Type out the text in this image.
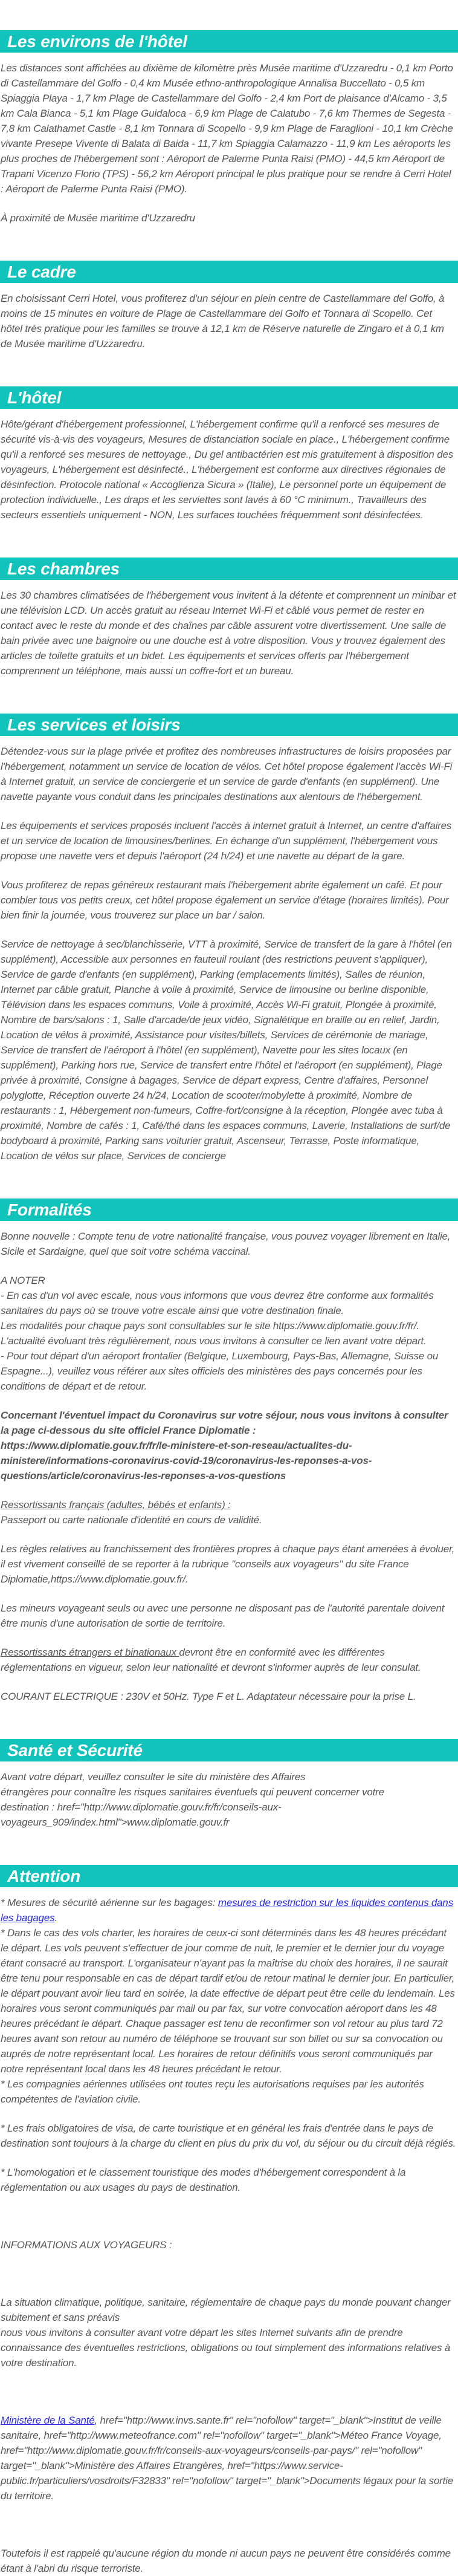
Les environs de l'hôtel

Les distances sont affichées au dixième de kilomètre près Musée maritime d'Uzzaredru - 0,1 km Porto di Castellammare del Golfo - 0,4 km Musée ethno-anthropologique Annalisa Buccellato - 0,5 km Spiaggia Playa - 1,7 km Plage de Castellammare del Golfo - 2,4 km Port de plaisance d'Alcamo - 3,5 km Cala Bianca - 5,1 km Plage Guidaloca - 6,9 km Plage de Calatubo - 7,6 km Thermes de Segesta - 7,8 km Calathamet Castle - 8,1 km Tonnara di Scopello - 9,9 km Plage de Faraglioni - 10,1 km Crèche vivante Presepe Vivente di Balata di Baida - 11,7 km Spiaggia Calamazzo - 11,9 km Les aéroports les plus proches de l'hébergement sont : Aéroport de Palerme Punta Raisi (PMO) - 44,5 km Aéroport de Trapani Vicenzo Florio (TPS) - 56,2 km Aéroport principal le plus pratique pour se rendre à Cerri Hotel : Aéroport de Palerme Punta Raisi (PMO).

À proximité de Musée maritime d'Uzzaredru

Le cadre

En choisissant Cerri Hotel, vous profiterez d'un séjour en plein centre de Castellammare del Golfo, à moins de 15 minutes en voiture de Plage de Castellammare del Golfo et Tonnara di Scopello. Cet hôtel très pratique pour les familles se trouve à 12,1 km de Réserve naturelle de Zingaro et à 0,1 km de Musée maritime d'Uzzaredru.

L'hôtel

Hôte/gérant d'hébergement professionnel, L'hébergement confirme qu'il a renforcé ses mesures de sécurité vis-à-vis des voyageurs, Mesures de distanciation sociale en place., L'hébergement confirme qu'il a renforcé ses mesures de nettoyage., Du gel antibactérien est mis gratuitement à disposition des voyageurs, L'hébergement est désinfecté., L'hébergement est conforme aux directives régionales de désinfection. Protocole national « Accoglienza Sicura » (Italie), Le personnel porte un équipement de protection individuelle., Les draps et les serviettes sont lavés à 60 °C minimum., Travailleurs des secteurs essentiels uniquement - NON, Les surfaces touchées fréquemment sont désinfectées.

Les chambres

Les 30 chambres climatisées de l'hébergement vous invitent à la détente et comprennent un minibar et une télévision LCD. Un accès gratuit au réseau Internet Wi-Fi et câblé vous permet de rester en contact avec le reste du monde et des chaînes par câble assurent votre divertissement. Une salle de bain privée avec une baignoire ou une douche est à votre disposition. Vous y trouvez également des articles de toilette gratuits et un bidet. Les équipements et services offerts par l'hébergement comprennent un téléphone, mais aussi un coffre-fort et un bureau.

Les services et loisirs

Détendez-vous sur la plage privée et profitez des nombreuses infrastructures de loisirs proposées par l'hébergement, notamment un service de location de vélos. Cet hôtel propose également l'accès Wi-Fi à Internet gratuit, un service de conciergerie et un service de garde d'enfants (en supplément). Une navette payante vous conduit dans les principales destinations aux alentours de l'hébergement.

Les équipements et services proposés incluent l'accès à internet gratuit à Internet, un centre d'affaires et un service de location de limousines/berlines. En échange d'un supplément, l'hébergement vous propose une navette vers et depuis l'aéroport (24 h/24) et une navette au départ de la gare.

Vous profiterez de repas généreux restaurant mais l'hébergement abrite également un café. Et pour combler tous vos petits creux, cet hôtel propose également un service d'étage (horaires limités). Pour bien finir la journée, vous trouverez sur place un bar / salon.

Service de nettoyage à sec/blanchisserie, VTT à proximité, Service de transfert de la gare à l'hôtel (en supplément), Accessible aux personnes en fauteuil roulant (des restrictions peuvent s'appliquer), Service de garde d'enfants (en supplément), Parking (emplacements limités), Salles de réunion, Internet par câble gratuit, Planche à voile à proximité, Service de limousine ou berline disponible, Télévision dans les espaces communs, Voile à proximité, Accès Wi-Fi gratuit, Plongée à proximité, Nombre de bars/salons : 1, Salle d'arcade/de jeux vidéo, Signalétique en braille ou en relief, Jardin, Location de vélos à proximité, Assistance pour visites/billets, Services de cérémonie de mariage, Service de transfert de l'aéroport à l'hôtel (en supplément), Navette pour les sites locaux (en supplément), Parking hors rue, Service de transfert entre l'hôtel et l'aéroport (en supplément), Plage privée à proximité, Consigne à bagages, Service de départ express, Centre d'affaires, Personnel polyglotte, Réception ouverte 24 h/24, Location de scooter/mobylette à proximité, Nombre de restaurants : 1, Hébergement non-fumeurs, Coffre-fort/consigne à la réception, Plongée avec tuba à proximité, Nombre de cafés : 1, Café/thé dans les espaces communs, Laverie, Installations de surf/de bodyboard à proximité, Parking sans voiturier gratuit, Ascenseur, Terrasse, Poste informatique, Location de vélos sur place, Services de concierge

Formalités

Bonne nouvelle : Compte tenu de votre nationalité française, vous pouvez voyager librement en Italie, Sicile et Sardaigne, quel que soit votre schéma vaccinal.

A NOTER
- En cas d'un vol avec escale, nous vous informons que vous devrez être conforme aux formalités sanitaires du pays où se trouve votre escale ainsi que votre destination finale.
Les modalités pour chaque pays sont consultables sur le site https://www.diplomatie.gouv.fr/fr/. L'actualité évoluant très régulièrement, nous vous invitons à consulter ce lien avant votre départ.
- Pour tout départ d'un aéroport frontalier (Belgique, Luxembourg, Pays-Bas, Allemagne, Suisse ou Espagne...), veuillez vous référer aux sites officiels des ministères des pays concernés pour les conditions de départ et de retour.

Concernant l'éventuel impact du Coronavirus sur votre séjour, nous vous invitons à consulter la page ci-dessous du site officiel France Diplomatie :
https://www.diplomatie.gouv.fr/fr/le-ministere-et-son-reseau/actualites-du-ministere/informations-coronavirus-covid-19/coronavirus-les-reponses-a-vos-questions/article/coronavirus-les-reponses-a-vos-questions

Ressortissants français (adultes, bébés et enfants) :
Passeport ou carte nationale d'identité en cours de validité.

Les règles relatives au franchissement des frontières propres à chaque pays étant amenées à évoluer, il est vivement conseillé de se reporter à la rubrique "conseils aux voyageurs" du site France Diplomatie,https://www.diplomatie.gouv.fr/.

Les mineurs voyageant seuls ou avec une personne ne disposant pas de l'autorité parentale doivent être munis d'une autorisation de sortie de territoire.

Ressortissants étrangers et binationaux devront être en conformité avec les différentes réglementations en vigueur, selon leur nationalité et devront s'informer auprès de leur consulat.

COURANT ELECTRIQUE : 230V et 50Hz. Type F et L. Adaptateur nécessaire pour la prise L.

Santé et Sécurité

Avant votre départ, veuillez consulter le site du ministère des Affaires
étrangères pour connaître les risques sanitaires éventuels qui peuvent concerner votre
destination : href="http://www.diplomatie.gouv.fr/fr/conseils-aux-voyageurs_909/index.html">www.diplomatie.gouv.fr

Attention

* Mesures de sécurité aérienne sur les bagages: mesures de restriction sur les liquides contenus dans les bagages.

* Dans le cas des vols charter, les horaires de ceux-ci sont déterminés dans les 48 heures précédant le départ. Les vols peuvent s'effectuer de jour comme de nuit, le premier et le dernier jour du voyage étant consacré au transport. L'organisateur n'ayant pas la maîtrise du choix des horaires, il ne saurait être tenu pour responsable en cas de départ tardif et/ou de retour matinal le dernier jour. En particulier, le départ pouvant avoir lieu tard en soirée, la date effective de départ peut être celle du lendemain. Les horaires vous seront communiqués par mail ou par fax, sur votre convocation aéroport dans les 48 heures précédant le départ. Chaque passager est tenu de reconfirmer son vol retour au plus tard 72 heures avant son retour au numéro de téléphone se trouvant sur son billet ou sur sa convocation ou auprés de notre représentant local. Les horaires de retour définitifs vous seront communiqués par notre représentant local dans les 48 heures précédant le retour.

* Les compagnies aériennes utilisées ont toutes reçu les autorisations requises par les autorités compétentes de l'aviation civile.

* Les frais obligatoires de visa, de carte touristique et en général les frais d'entrée dans le pays de destination sont toujours à la charge du client en plus du prix du vol, du séjour ou du circuit déjà réglés.

* L'homologation et le classement touristique des modes d'hébergement correspondent à la réglementation ou aux usages du pays de destination.

INFORMATIONS AUX VOYAGEURS :

La situation climatique, politique, sanitaire, réglementaire de chaque pays du monde pouvant changer subitement et sans préavis
nous vous invitons à consulter avant votre départ les sites Internet suivants afin de prendre connaissance des éventuelles restrictions, obligations ou tout simplement des informations relatives à votre destination.

Ministère de la Santé, href="http://www.invs.sante.fr" rel="nofollow" target="_blank">Institut de veille sanitaire, href="http://www.meteofrance.com" rel="nofollow" target="_blank">Méteo France Voyage, href="http://www.diplomatie.gouv.fr/fr/conseils-aux-voyageurs/conseils-par-pays/" rel="nofollow" target="_blank">Ministère des Affaires Etrangères, href="https://www.service-public.fr/particuliers/vosdroits/F32833" rel="nofollow" target="_blank">Documents légaux pour la sortie du territoire.

Toutefois il est rappelé qu'aucune région du monde ni aucun pays ne peuvent être considérés comme étant à l'abri du risque terroriste.
